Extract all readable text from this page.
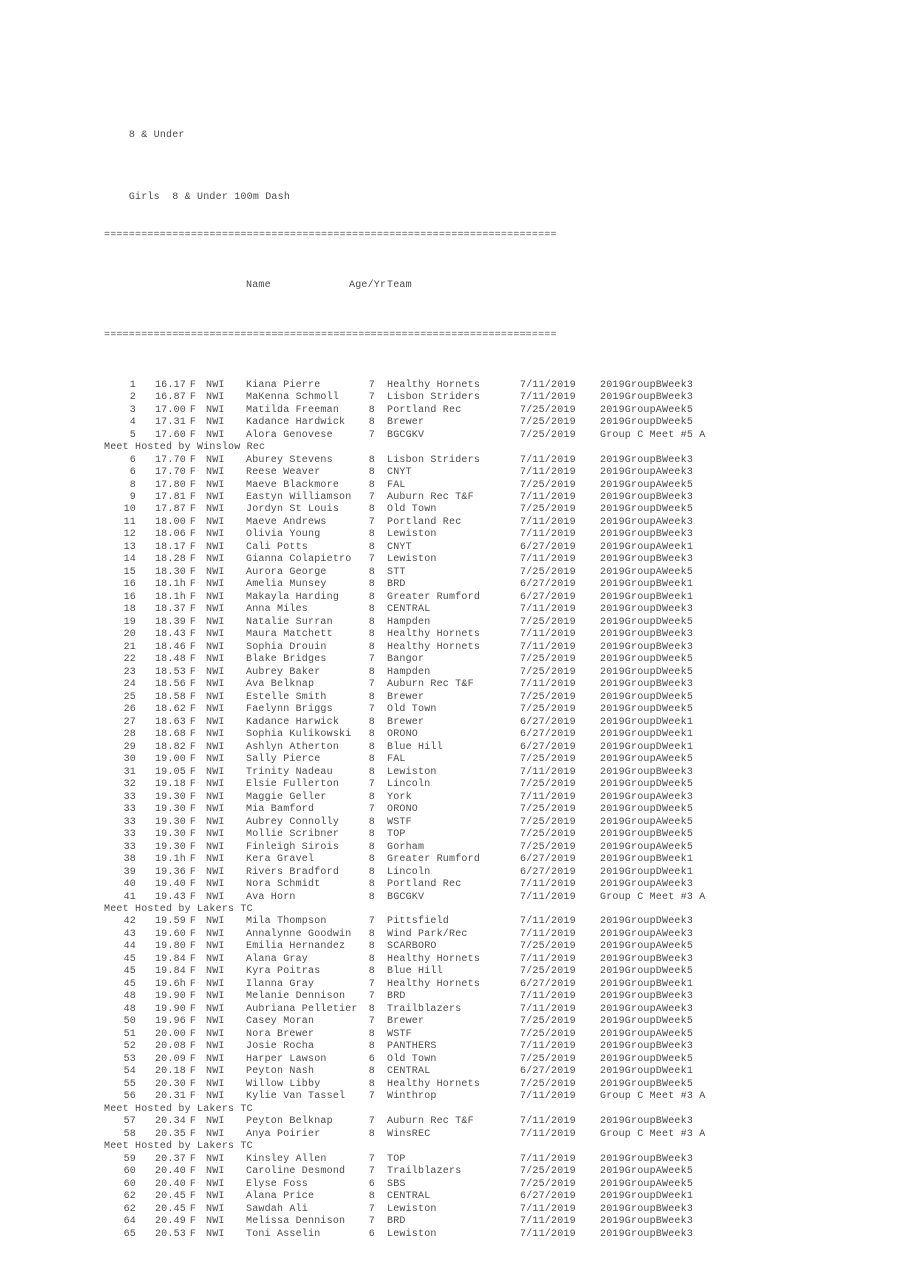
8 & Under

Girls  8 & Under 100m Dash

=========================================================================

Name	Age/YrTeam

=========================================================================

1 16.17 F NWI Kiana Pierre	7 Healthy Hornets	7/11/2019 2019GroupBWeek3
2 16.87 F NWI MaKenna Schmoll	7 Lisbon Striders	7/11/2019 2019GroupBWeek3
3 17.00 F NWI Matilda Freeman	8 Portland Rec	7/25/2019 2019GroupAWeek5
4 17.31 F NWI Kadance Hardwick 8 Brewer	7/25/2019 2019GroupDWeek5
5 17.60 F NWI Alora Genovese	7 BGCGKV	7/25/2019 Group C Meet #5 A
Meet Hosted by Winslow Rec
6 17.70 F NWI Aburey Stevens	8 Lisbon Striders	7/11/2019 2019GroupBWeek3
6 17.70 F NWI Reese Weaver	8 CNYT	7/11/2019 2019GroupAWeek3
8 17.80 F NWI Maeve Blackmore	8 FAL	7/25/2019 2019GroupAWeek5
9 17.81 F NWI Eastyn Williamson 7 Auburn Rec T&F	7/11/2019 2019GroupBWeek3
10 17.87 F NWI Jordyn St Louis	8 Old Town	7/25/2019 2019GroupDWeek5
11 18.00 F NWI Maeve Andrews	7 Portland Rec	7/11/2019 2019GroupAWeek3
12 18.06 F NWI Olivia Young	8 Lewiston	7/11/2019 2019GroupBWeek3
13 18.17 F NWI Cali Potts	8 CNYT	6/27/2019 2019GroupAWeek1
14 18.28 F NWI Gianna Colapietro 7 Lewiston	7/11/2019 2019GroupBWeek3
15 18.30 F NWI Aurora George	8 STT	7/25/2019 2019GroupAWeek5
16 18.1h F NWI Amelia Munsey	8 BRD	6/27/2019 2019GroupBWeek1
16 18.1h F NWI Makayla Harding	8 Greater Rumford	6/27/2019 2019GroupBWeek1
18 18.37 F NWI Anna Miles	8 CENTRAL	7/11/2019 2019GroupDWeek3
19 18.39 F NWI Natalie Surran	8 Hampden	7/25/2019 2019GroupDWeek5
20 18.43 F NWI Maura Matchett	8 Healthy Hornets	7/11/2019 2019GroupBWeek3
21 18.46 F NWI Sophia Drouin	8 Healthy Hornets	7/11/2019 2019GroupBWeek3
22 18.48 F NWI Blake Bridges	7 Bangor	7/25/2019 2019GroupDWeek5
23 18.53 F NWI Aubrey Baker	8 Hampden	7/25/2019 2019GroupDWeek5
24 18.56 F NWI Ava Belknap	7 Auburn Rec T&F	7/11/2019 2019GroupBWeek3
25 18.58 F NWI Estelle Smith	8 Brewer	7/25/2019 2019GroupDWeek5
26 18.62 F NWI Faelynn Briggs	7 Old Town	7/25/2019 2019GroupDWeek5
27 18.63 F NWI Kadance Harwick	8 Brewer	6/27/2019 2019GroupDWeek1
28 18.68 F NWI Sophia Kulikowski 8 ORONO	6/27/2019 2019GroupDWeek1
29 18.82 F NWI Ashlyn Atherton	8 Blue Hill	6/27/2019 2019GroupDWeek1
30 19.00 F NWI Sally Pierce	8 FAL	7/25/2019 2019GroupAWeek5
31 19.05 F NWI Trinity Nadeau	8 Lewiston	7/11/2019 2019GroupBWeek3
32 19.18 F NWI Elsie Fullerton	7 Lincoln	7/25/2019 2019GroupDWeek5
33 19.30 F NWI Maggie Geller	8 York	7/11/2019 2019GroupAWeek3
33 19.30 F NWI Mia Bamford	7 ORONO	7/25/2019 2019GroupDWeek5
33 19.30 F NWI Aubrey Connolly	8 WSTF	7/25/2019 2019GroupAWeek5
33 19.30 F NWI Mollie Scribner	8 TOP	7/25/2019 2019GroupBWeek5
33 19.30 F NWI Finleigh Sirois	8 Gorham	7/25/2019 2019GroupAWeek5
38 19.1h F NWI Kera Gravel	8 Greater Rumford	6/27/2019 2019GroupBWeek1
39 19.36 F NWI Rivers Bradford	8 Lincoln	6/27/2019 2019GroupDWeek1
40 19.40 F NWI Nora Schmidt	8 Portland Rec	7/11/2019 2019GroupAWeek3
41 19.43 F NWI Ava Horn	8 BGCGKV	7/11/2019 Group C Meet #3 A
Meet Hosted by Lakers TC
42 19.59 F NWI Mila Thompson	7 Pittsfield	7/11/2019 2019GroupDWeek3
43 19.60 F NWI Annalynne Goodwin 8 Wind Park/Rec	7/11/2019 2019GroupAWeek3
44 19.80 F NWI Emilia Hernandez 8 SCARBORO	7/25/2019 2019GroupAWeek5
45 19.84 F NWI Alana Gray	8 Healthy Hornets	7/11/2019 2019GroupBWeek3
45 19.84 F NWI Kyra Poitras	8 Blue Hill	7/25/2019 2019GroupDWeek5
45 19.6h F NWI Ilanna Gray	7 Healthy Hornets	6/27/2019 2019GroupBWeek1
48 19.90 F NWI Melanie Dennison 7 BRD	7/11/2019 2019GroupBWeek3
48 19.90 F NWI Aubriana Pelletier 8 Trailblazers	7/11/2019 2019GroupAWeek3
50 19.96 F NWI Casey Moran	7 Brewer	7/25/2019 2019GroupDWeek5
51 20.00 F NWI Nora Brewer	8 WSTF	7/25/2019 2019GroupAWeek5
52 20.08 F NWI Josie Rocha	8 PANTHERS	7/11/2019 2019GroupBWeek3
53 20.09 F NWI Harper Lawson	6 Old Town	7/25/2019 2019GroupDWeek5
54 20.18 F NWI Peyton Nash	8 CENTRAL	6/27/2019 2019GroupDWeek1
55 20.30 F NWI Willow Libby	8 Healthy Hornets	7/25/2019 2019GroupBWeek5
56 20.31 F NWI Kylie Van Tassel 7 Winthrop	7/11/2019 Group C Meet #3 A
Meet Hosted by Lakers TC
57 20.34 F NWI Peyton Belknap	7 Auburn Rec T&F	7/11/2019 2019GroupBWeek3
58 20.35 F NWI Anya Poirier	8 WinsREC	7/11/2019 Group C Meet #3 A
Meet Hosted by Lakers TC
59 20.37 F NWI Kinsley Allen	7 TOP	7/11/2019 2019GroupBWeek3
60 20.40 F NWI Caroline Desmond 7 Trailblazers	7/25/2019 2019GroupAWeek5
60 20.40 F NWI Elyse Foss	6 SBS	7/25/2019 2019GroupAWeek5
62 20.45 F NWI Alana Price	8 CENTRAL	6/27/2019 2019GroupDWeek1
62 20.45 F NWI Sawdah Ali	7 Lewiston	7/11/2019 2019GroupBWeek3
64 20.49 F NWI Melissa Dennison 7 BRD	7/11/2019 2019GroupBWeek3
65 20.53 F NWI Toni Asselin	6 Lewiston	7/11/2019 2019GroupBWeek3
